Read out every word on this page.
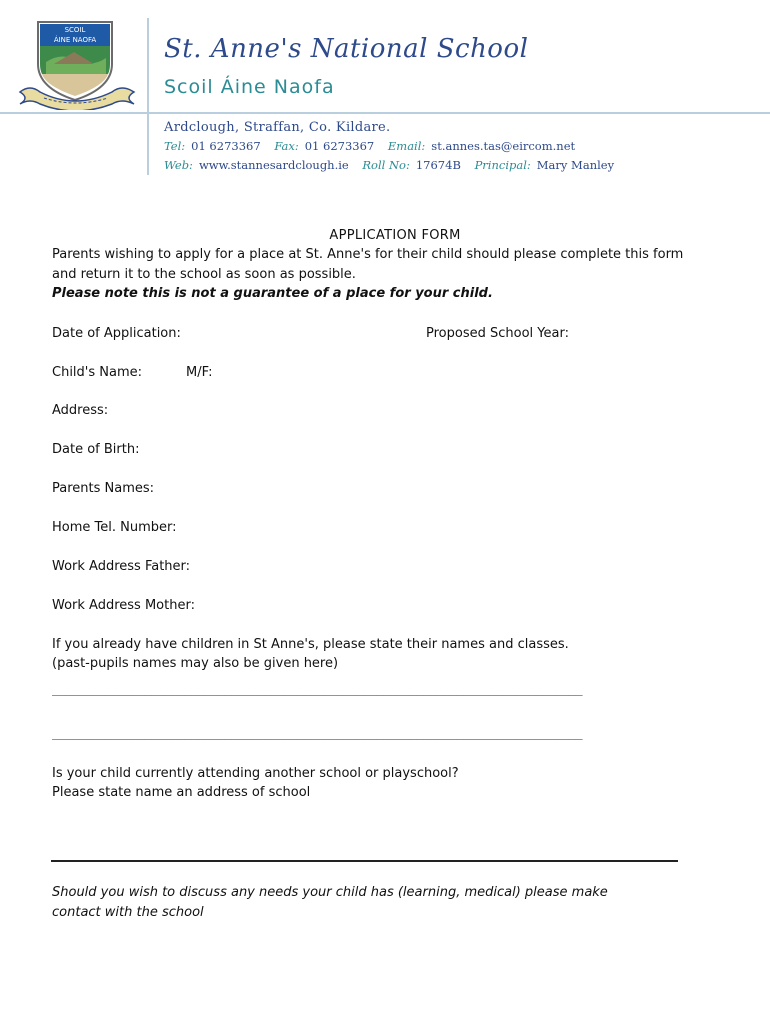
SCOIL
ÁINE NAOFA	St. Anne's National School
Scoil Áine Naofa
Ardclough, Straffan, Co. Kildare.
Tel: 01 6273367 Fax: 01 6273367 Email: st.annes.tas@eircom.net
Web: www.stannesardclough.ie Roll No: 17674B Principal: Mary Manley
APPLICATION FORM
Parents wishing to apply for a place at St. Anne's for their child should please complete this form
and return it to the school as soon as possible.
Please note this is not a guarantee of a place for your child.
Date of Application:	Proposed School Year:
Child's Name:	M/F:
Address:
Date of Birth:
Parents Names:
Home Tel. Number:
Work Address Father:
Work Address Mother:
If you already have children in St Anne's, please state their names and classes.
(past-pupils names may also be given here)
________________________________________________________________________________
________________________________________________________________________________
Is your child currently attending another school or playschool?
Please state name an address of school
Should you wish to discuss any needs your child has (learning, medical) please make
contact with the school
